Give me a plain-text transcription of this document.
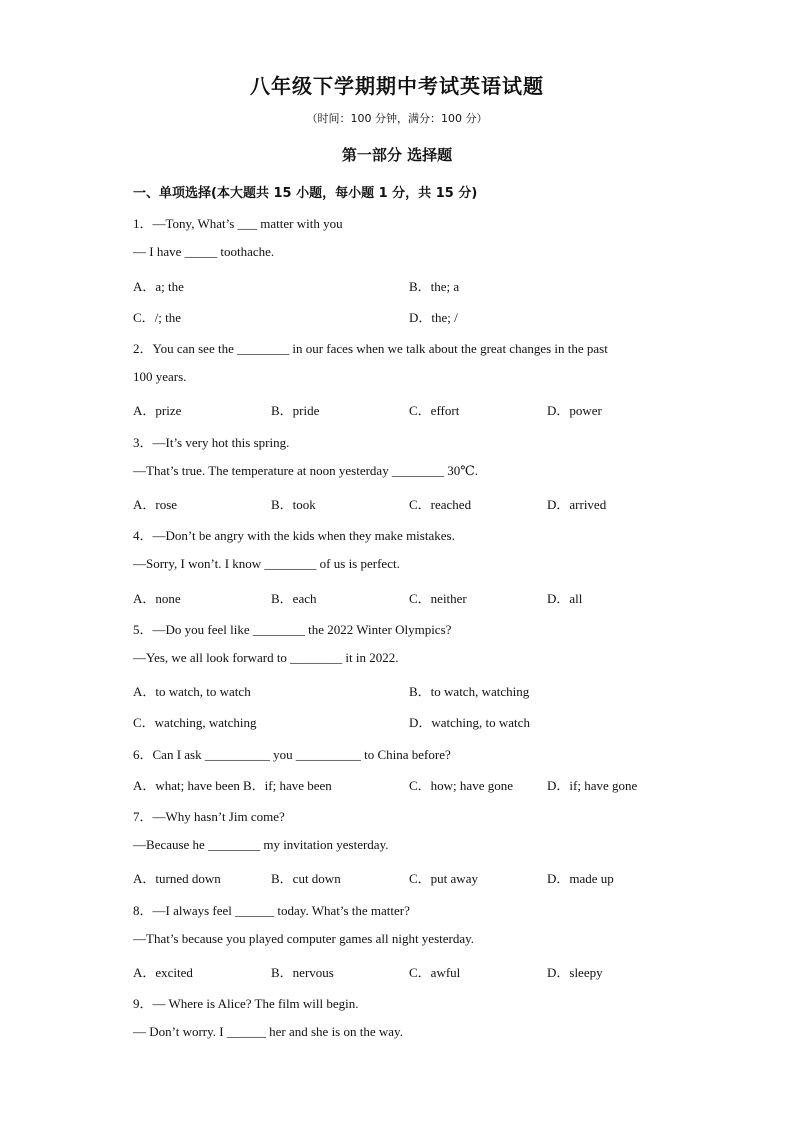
八年级下学期期中考试英语试题
（时间：100 分钟，满分：100 分）
第一部分 选择题
一、单项选择(本大题共 15 小题，每小题 1 分，共 15 分)
1．—Tony, What’s ___ matter with you
— I have _____ toothache.
A．a; the	B．the; a
C．/; the	D．the; /
2．You can see the ________ in our faces when we talk about the great changes in the past
100 years.
A．prize	B．pride	C．effort	D．power
3．—It’s very hot this spring.
—That’s true. The temperature at noon yesterday ________ 30℃.
A．rose	B．took	C．reached	D．arrived
4．—Don’t be angry with the kids when they make mistakes.
—Sorry, I won’t. I know ________ of us is perfect.
A．none	B．each	C．neither	D．all
5．—Do you feel like ________ the 2022 Winter Olympics?
—Yes, we all look forward to ________ it in 2022.
A．to watch, to watch	B．to watch, watching
C．watching, watching	D．watching, to watch
6．Can I ask __________ you __________ to China before?
A．what; have been B．if; have been	C．how; have gone	D．if; have gone
7．—Why hasn’t Jim come?
—Because he ________ my invitation yesterday.
A．turned down	B．cut down	C．put away	D．made up
8．—I always feel ______ today. What’s the matter?
—That’s because you played computer games all night yesterday.
A．excited	B．nervous	C．awful	D．sleepy
9．— Where is Alice? The film will begin.
— Don’t worry. I ______ her and she is on the way.
